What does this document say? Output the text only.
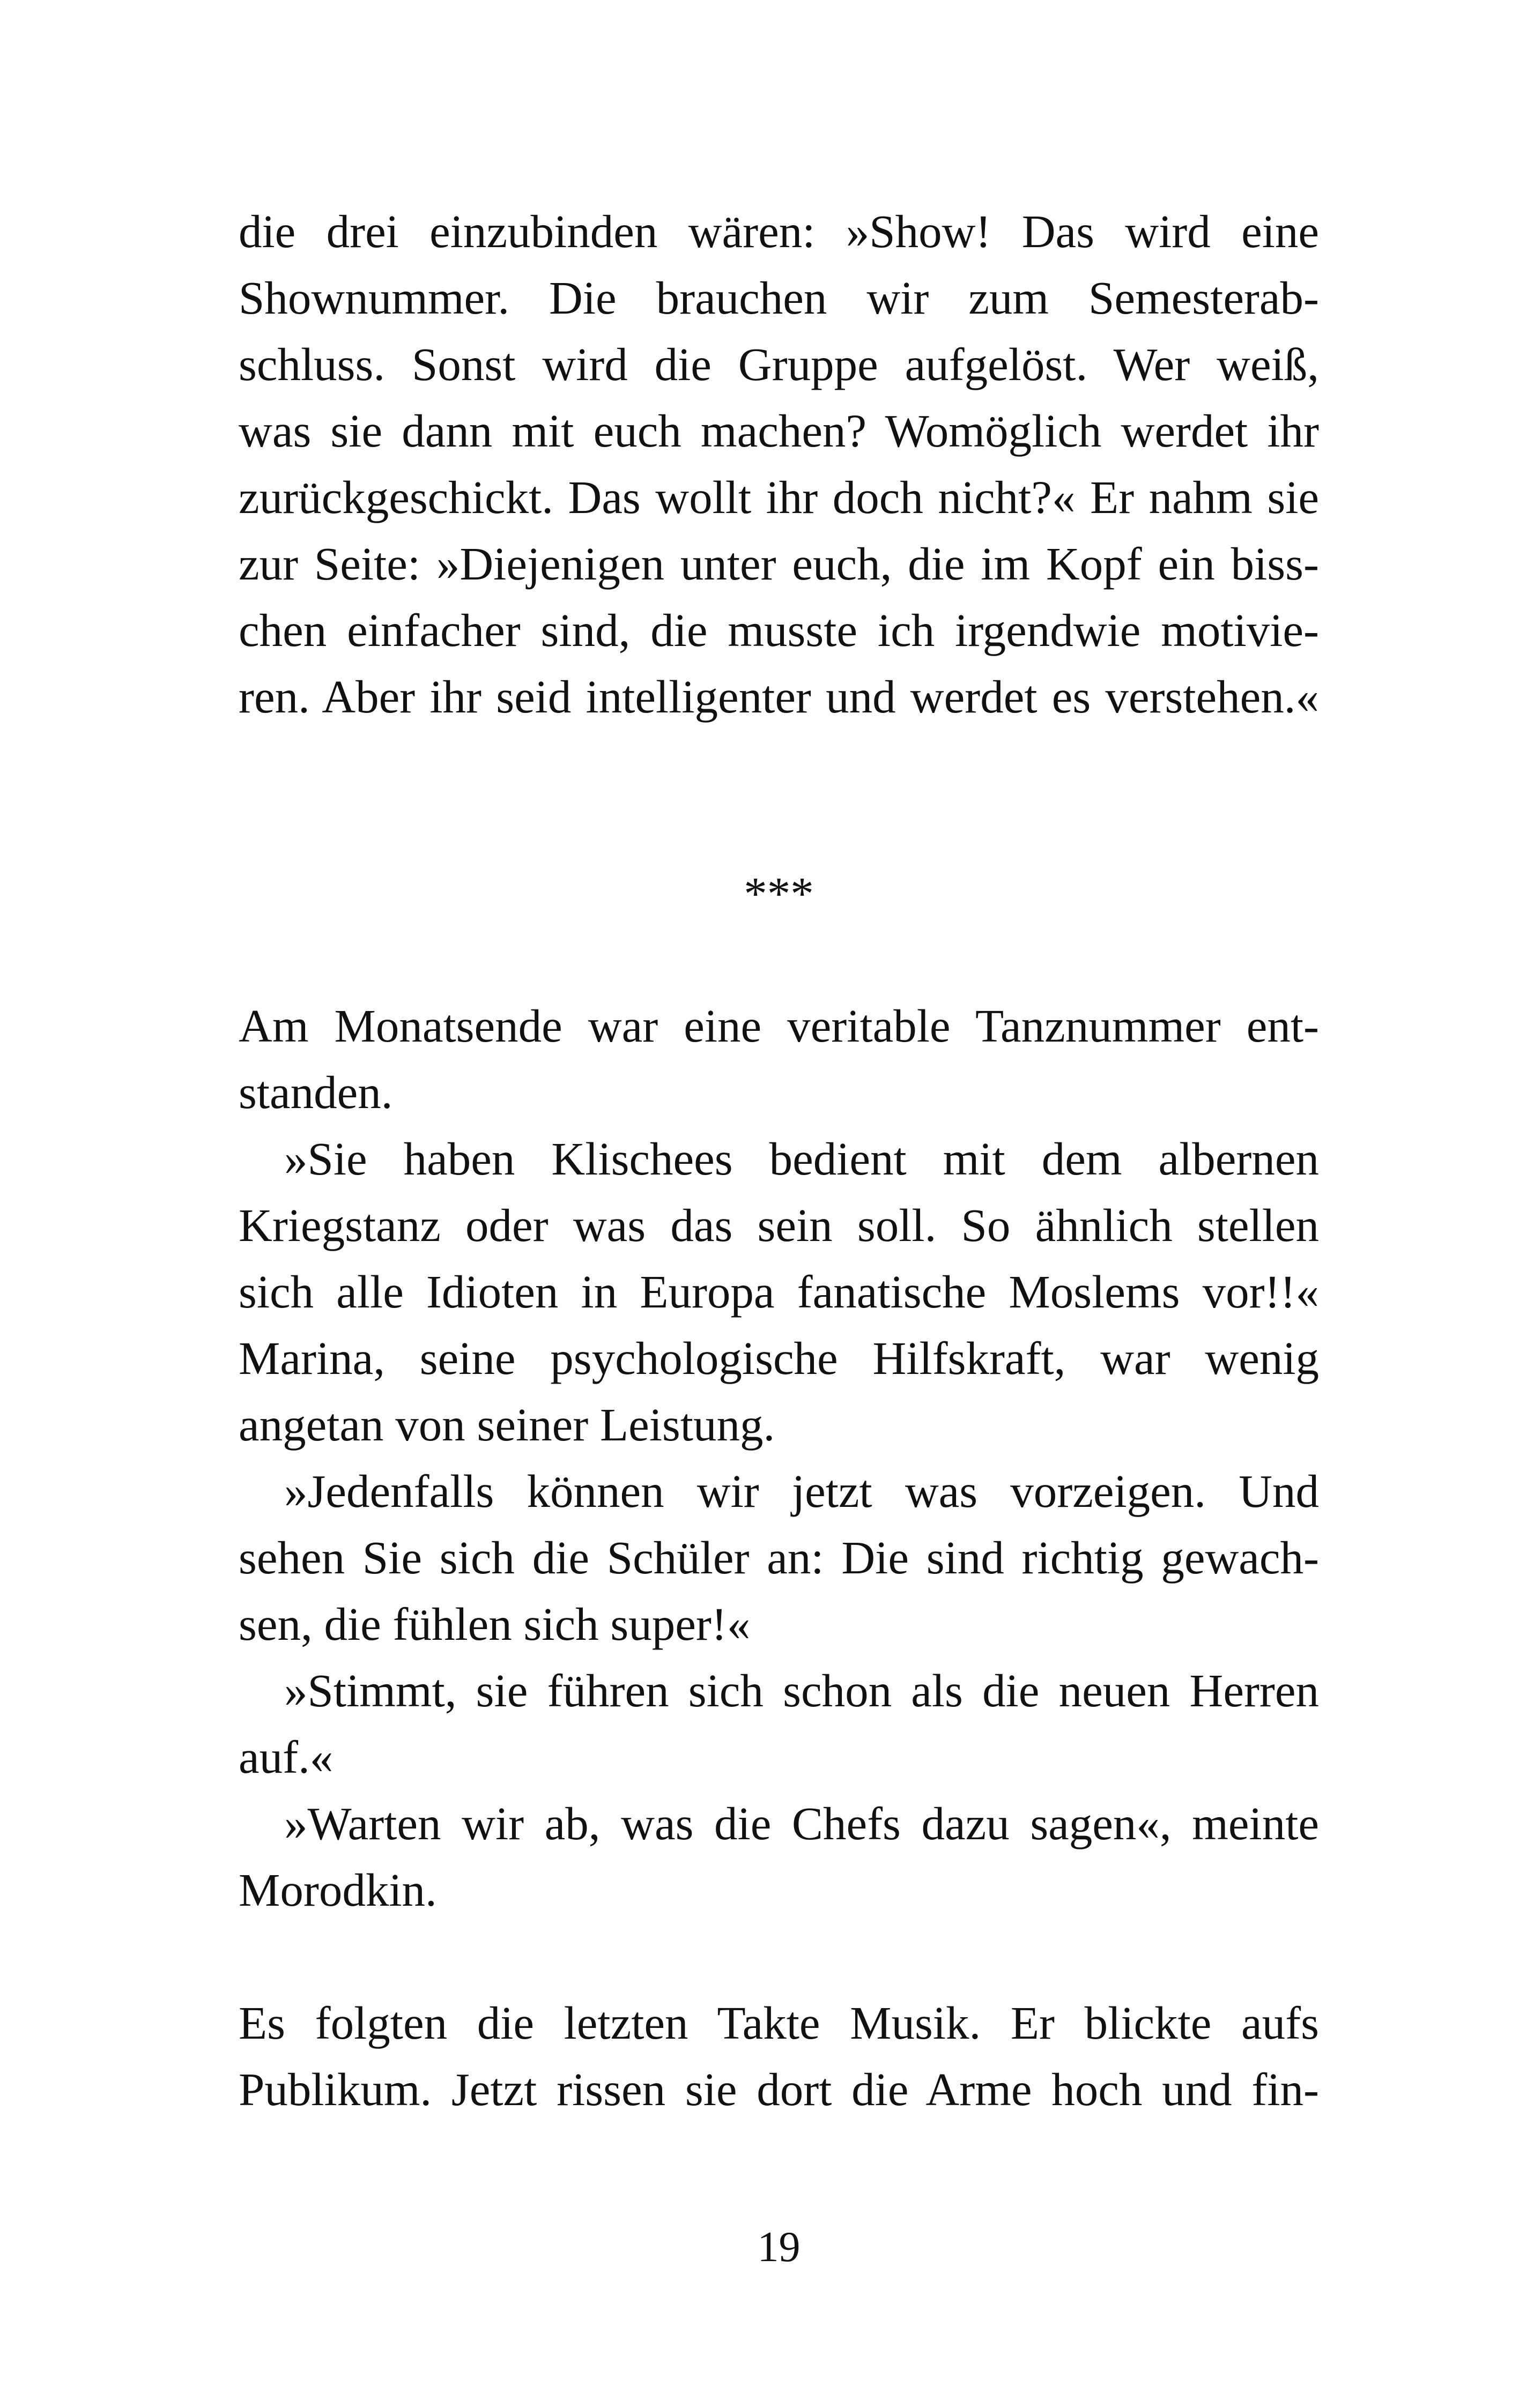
die drei einzubinden wären: »Show! Das wird eine
Shownummer. Die brauchen wir zum Semesterab-
schluss. Sonst wird die Gruppe aufgelöst. Wer weiß,
was sie dann mit euch machen? Womöglich werdet ihr
zurückgeschickt. Das wollt ihr doch nicht?« Er nahm sie
zur Seite: »Diejenigen unter euch, die im Kopf ein biss-
chen einfacher sind, die musste ich irgendwie motivie-
ren. Aber ihr seid intelligenter und werdet es verstehen.«
***
Am Monatsende war eine veritable Tanznummer ent-
standen.
»Sie haben Klischees bedient mit dem albernen
Kriegstanz oder was das sein soll. So ähnlich stellen
sich alle Idioten in Europa fanatische Moslems vor!!«
Marina, seine psychologische Hilfskraft, war wenig
angetan von seiner Leistung.
»Jedenfalls können wir jetzt was vorzeigen. Und
sehen Sie sich die Schüler an: Die sind richtig gewach-
sen, die fühlen sich super!«
»Stimmt, sie führen sich schon als die neuen Herren
auf.«
»Warten wir ab, was die Chefs dazu sagen«, meinte
Morodkin.
Es folgten die letzten Takte Musik. Er blickte aufs
Publikum. Jetzt rissen sie dort die Arme hoch und fin-
19
